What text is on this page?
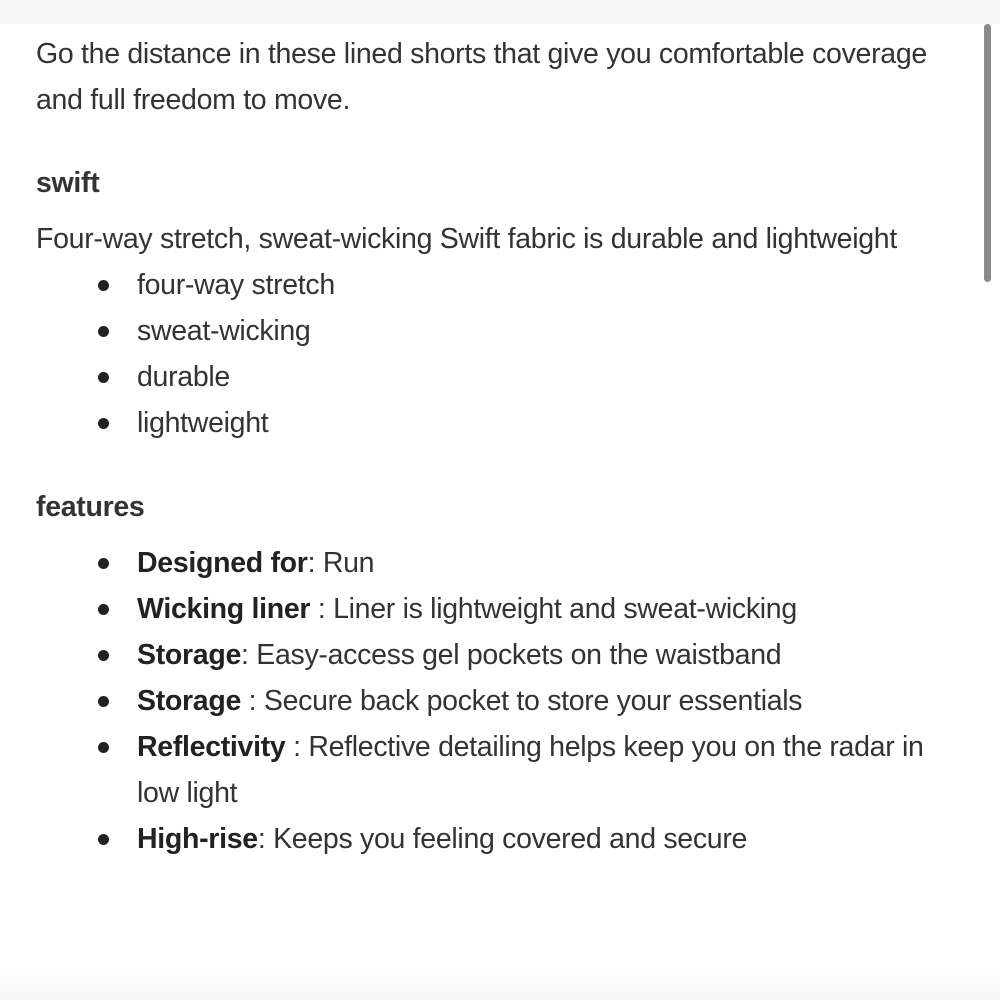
Go the distance in these lined shorts that give you comfortable coverage and full freedom to move.

swift

Four-way stretch, sweat-wicking Swift fabric is durable and lightweight

four-way stretch
sweat-wicking
durable
lightweight
features
Designed for: Run
Wicking liner : Liner is lightweight and sweat-wicking
Storage: Easy-access gel pockets on the waistband
Storage : Secure back pocket to store your essentials
Reflectivity : Reflective detailing helps keep you on the radar in low light
High-rise: Keeps you feeling covered and secure
